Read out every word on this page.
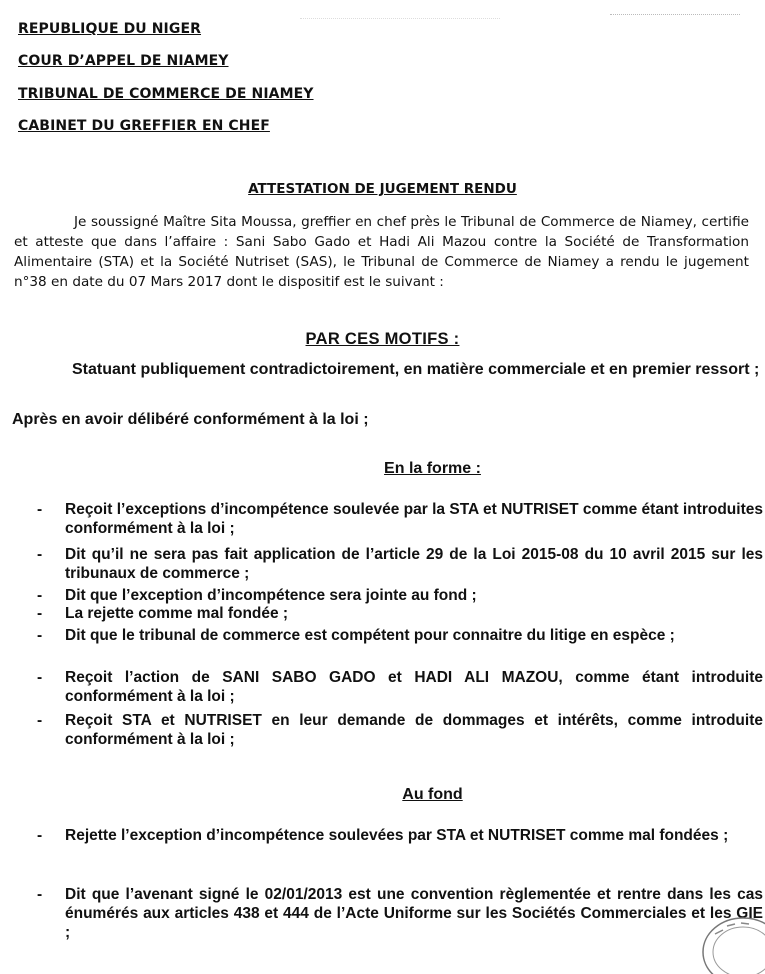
REPUBLIQUE DU NIGER
COUR D’APPEL DE NIAMEY
TRIBUNAL DE COMMERCE DE NIAMEY
CABINET DU GREFFIER EN CHEF
ATTESTATION DE JUGEMENT RENDU

Je soussigné Maître Sita Moussa, greffier en chef près le Tribunal de Commerce de Niamey, certifie et atteste que dans l’affaire : Sani Sabo Gado et Hadi Ali Mazou contre la Société de Transformation Alimentaire (STA) et la Société Nutriset (SAS), le Tribunal de Commerce de Niamey a rendu le jugement n°38 en date du 07 Mars 2017 dont le dispositif est le suivant :

PAR CES MOTIFS :

Statuant publiquement contradictoirement, en matière commerciale et en premier ressort ;

Après en avoir délibéré conformément à la loi ;

En la forme :
- Reçoit l’exceptions d’incompétence soulevée par la STA et NUTRISET comme étant introduites conformément à la loi ;
- Dit qu’il ne sera pas fait application de l’article 29 de la Loi 2015-08 du 10 avril 2015 sur les tribunaux de commerce ;
- Dit que l’exception d’incompétence sera jointe au fond ;
- La rejette comme mal fondée ;
- Dit que le tribunal de commerce est compétent pour connaitre du litige en espèce ;
- Reçoit l’action de SANI SABO GADO et HADI ALI MAZOU, comme étant introduite conformément à la loi ;
- Reçoit STA et NUTRISET en leur demande de dommages et intérêts, comme introduite conformément à la loi ;
Au fond
- Rejette l’exception d’incompétence soulevées par STA et NUTRISET comme mal fondées ;
- Dit que l’avenant signé le 02/01/2013 est une convention règlementée et rentre dans les cas énumérés aux articles 438 et 444 de l’Acte Uniforme sur les Sociétés Commerciales et les GIE ;
